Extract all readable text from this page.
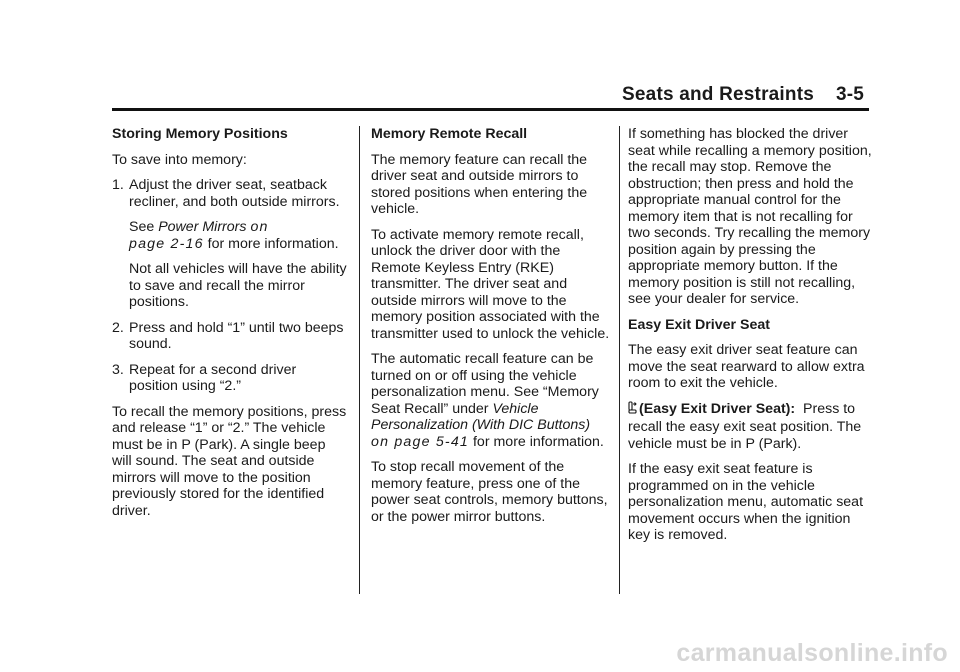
Seats and Restraints 3-5

Storing Memory Positions

To save into memory:

1. Adjust the driver seat, seatback recliner, and both outside mirrors.

See Power Mirrors on
page 2‑16 for more information.

Not all vehicles will have the ability to save and recall the mirror positions.

2. Press and hold “1” until two beeps sound.
3. Repeat for a second driver position using “2.”

To recall the memory positions, press and release “1” or “2.” The vehicle must be in P (Park). A single beep will sound. The seat and outside mirrors will move to the position previously stored for the identified driver.

Memory Remote Recall

The memory feature can recall the driver seat and outside mirrors to stored positions when entering the vehicle.

To activate memory remote recall, unlock the driver door with the Remote Keyless Entry (RKE) transmitter. The driver seat and outside mirrors will move to the memory position associated with the transmitter used to unlock the vehicle.

The automatic recall feature can be turned on or off using the vehicle personalization menu. See “Memory Seat Recall” under Vehicle Personalization (With DIC Buttons)
on page 5‑41 for more information.

To stop recall movement of the memory feature, press one of the power seat controls, memory buttons, or the power mirror buttons.

If something has blocked the driver seat while recalling a memory position, the recall may stop. Remove the obstruction; then press and hold the appropriate manual control for the memory item that is not recalling for two seconds. Try recalling the memory position again by pressing the appropriate memory button. If the memory position is still not recalling, see your dealer for service.

Easy Exit Driver Seat

The easy exit driver seat feature can move the seat rearward to allow extra room to exit the vehicle.

(Easy Exit Driver Seat): Press to recall the easy exit seat position. The vehicle must be in P (Park).

If the easy exit seat feature is programmed on in the vehicle personalization menu, automatic seat movement occurs when the ignition key is removed.

carmanualsonline.info
